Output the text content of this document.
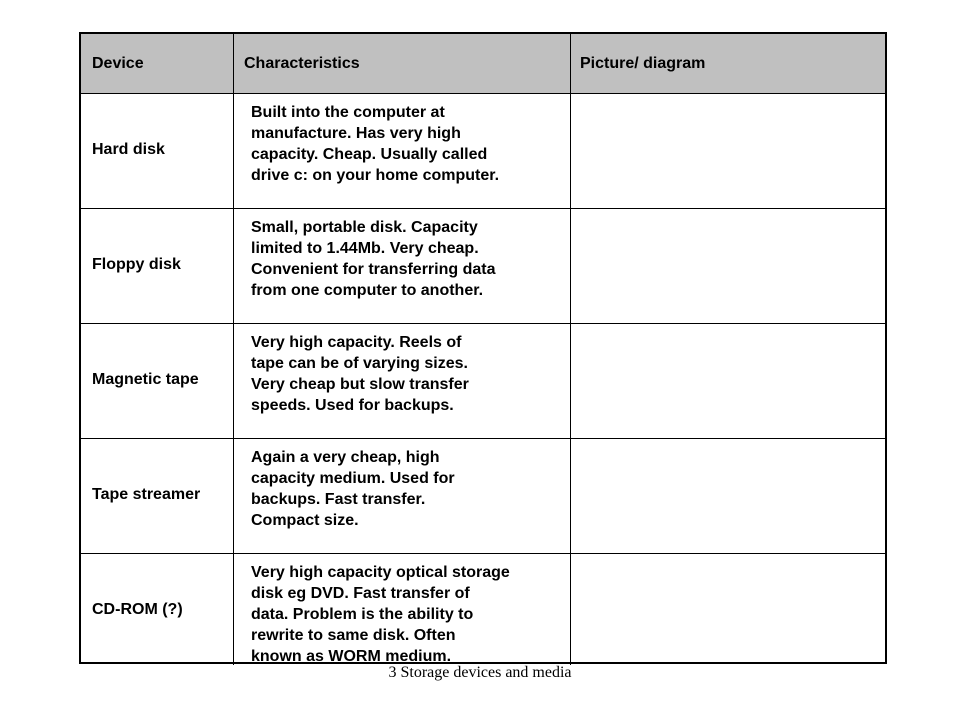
Device	Characteristics	Picture/ diagram
Hard disk
Built into the computer at
manufacture. Has very high
capacity. Cheap. Usually called
drive c: on your home computer.
Floppy disk
Small, portable disk. Capacity
limited to 1.44Mb. Very cheap.
Convenient for transferring data
from one computer to another.
Magnetic tape
Very high capacity. Reels of
tape can be of varying sizes.
Very cheap but slow transfer
speeds. Used for backups.
Tape streamer
Again a very cheap, high
capacity medium. Used for
backups. Fast transfer.
Compact size.
CD-ROM (?)
Very high capacity optical storage
disk eg DVD. Fast transfer of
data. Problem is the ability to
rewrite to same disk. Often
known as WORM medium.
3 Storage devices and media
